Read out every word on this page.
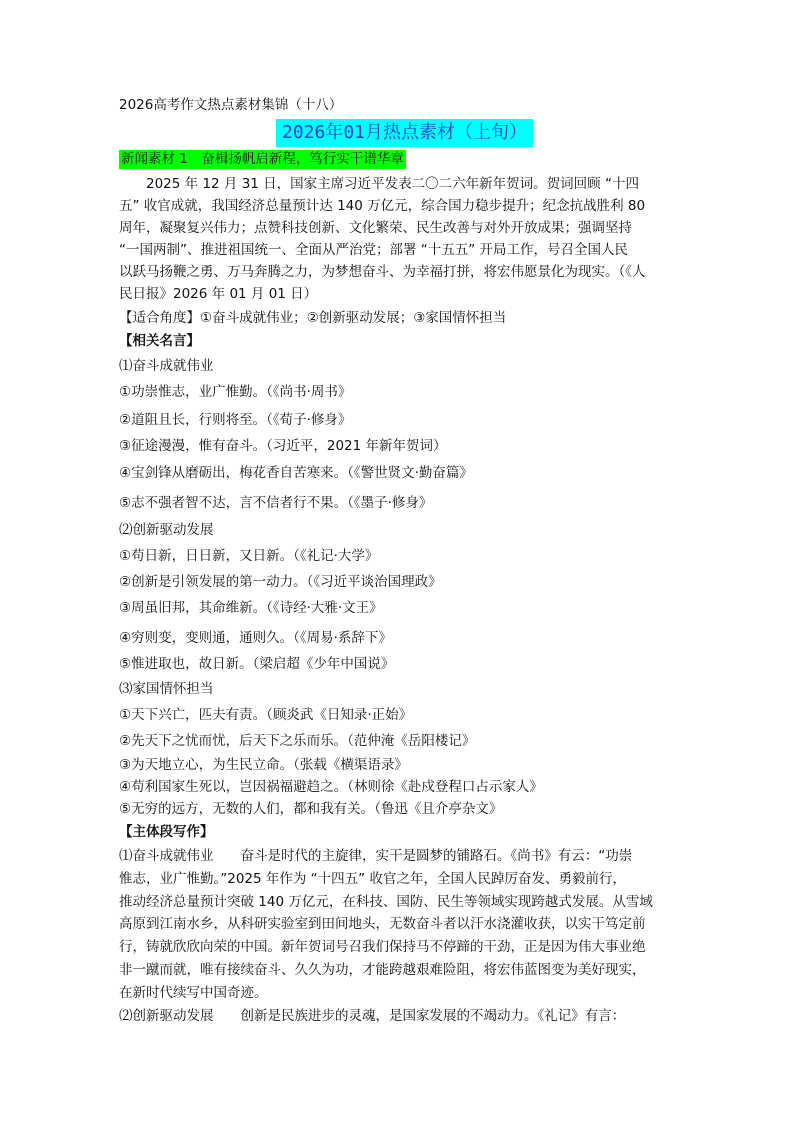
2026高考作文热点素材集锦（十八）
2026年01月热点素材（上旬）
新闻素材 1　奋楫扬帆启新程，笃行实干谱华章
　　2025 年 12 月 31 日，国家主席习近平发表二〇二六年新年贺词。贺词回顾 “十四
五” 收官成就，我国经济总量预计达 140 万亿元，综合国力稳步提升；纪念抗战胜利 80
周年，凝聚复兴伟力；点赞科技创新、文化繁荣、民生改善与对外开放成果；强调坚持
“一国两制”、推进祖国统一、全面从严治党；部署 “十五五” 开局工作，号召全国人民
以跃马扬鞭之勇、万马奔腾之力，为梦想奋斗、为幸福打拼，将宏伟愿景化为现实。（《人
民日报》2026 年 01 月 01 日）
【适合角度】①奋斗成就伟业；②创新驱动发展；③家国情怀担当
【相关名言】
⑴奋斗成就伟业
①功崇惟志，业广惟勤。（《尚书·周书》
②道阻且长，行则将至。（《荀子·修身》
③征途漫漫，惟有奋斗。（习近平，2021 年新年贺词）
④宝剑锋从磨砺出，梅花香自苦寒来。（《警世贤文·勤奋篇》
⑤志不强者智不达，言不信者行不果。（《墨子·修身》
⑵创新驱动发展
①苟日新，日日新，又日新。（《礼记·大学》
②创新是引领发展的第一动力。（《习近平谈治国理政》
③周虽旧邦，其命维新。（《诗经·大雅·文王》
④穷则变，变则通，通则久。（《周易·系辞下》
⑤惟进取也，故日新。（梁启超《少年中国说》
⑶家国情怀担当
①天下兴亡，匹夫有责。（顾炎武《日知录·正始》
②先天下之忧而忧，后天下之乐而乐。（范仲淹《岳阳楼记》
③为天地立心，为生民立命。（张载《横渠语录》
④苟利国家生死以，岂因祸福避趋之。（林则徐《赴戍登程口占示家人》
⑤无穷的远方，无数的人们，都和我有关。（鲁迅《且介亭杂文》
【主体段写作】
⑴奋斗成就伟业　　奋斗是时代的主旋律，实干是圆梦的铺路石。《尚书》有云：“功崇
惟志，业广惟勤。”2025 年作为 “十四五” 收官之年，全国人民踔厉奋发、勇毅前行，
推动经济总量预计突破 140 万亿元，在科技、国防、民生等领域实现跨越式发展。从雪域
高原到江南水乡，从科研实验室到田间地头，无数奋斗者以汗水浇灌收获，以实干笃定前
行，铸就欣欣向荣的中国。新年贺词号召我们保持马不停蹄的干劲，正是因为伟大事业绝
非一蹴而就，唯有接续奋斗、久久为功，才能跨越艰难险阻，将宏伟蓝图变为美好现实，
在新时代续写中国奇迹。
⑵创新驱动发展　　创新是民族进步的灵魂，是国家发展的不竭动力。《礼记》有言：
